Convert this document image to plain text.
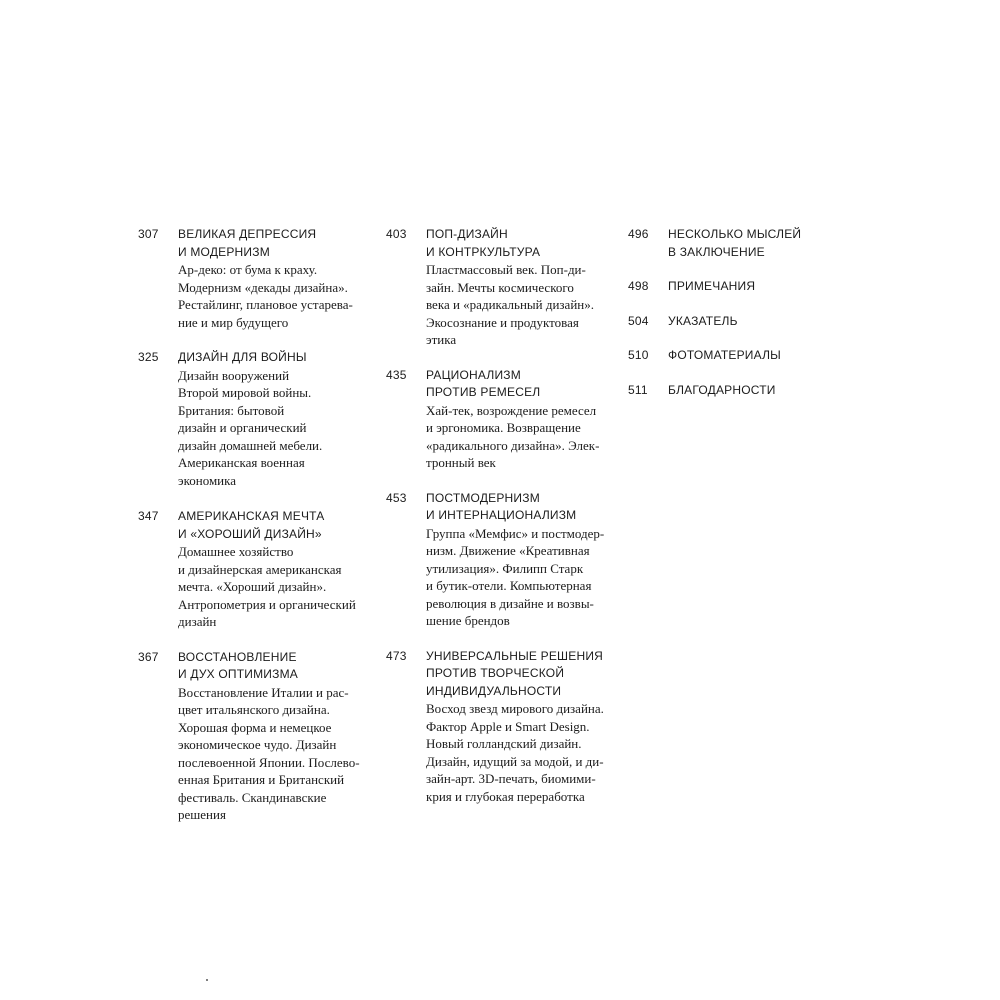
307 ВЕЛИКАЯ ДЕПРЕССИЯ
И МОДЕРНИЗМ
Ар-деко: от бума к краху.
Модернизм «декады дизайна».
Рестайлинг, плановое устарева-
ние и мир будущего
325 ДИЗАЙН ДЛЯ ВОЙНЫ
Дизайн вооружений
Второй мировой войны.
Британия: бытовой
дизайн и органический
дизайн домашней мебели.
Американская военная
экономика
347 АМЕРИКАНСКАЯ МЕЧТА
И «ХОРОШИЙ ДИЗАЙН»
Домашнее хозяйство
и дизайнерская американская
мечта. «Хороший дизайн».
Антропометрия и органический
дизайн
367 ВОССТАНОВЛЕНИЕ
И ДУХ ОПТИМИЗМА
Восстановление Италии и рас-
цвет итальянского дизайна.
Хорошая форма и немецкое
экономическое чудо. Дизайн
послевоенной Японии. Послево-
енная Британия и Британский
фестиваль. Скандинавские
решения
403 ПОП-ДИЗАЙН
И КОНТРКУЛЬТУРА
Пластмассовый век. Поп-ди-
зайн. Мечты космического
века и «радикальный дизайн».
Экосознание и продуктовая
этика
435 РАЦИОНАЛИЗМ
ПРОТИВ РЕМЕСЕЛ
Хай-тек, возрождение ремесел
и эргономика. Возвращение
«радикального дизайна». Элек-
тронный век
453 ПОСТМОДЕРНИЗМ
И ИНТЕРНАЦИОНАЛИЗМ
Группа «Мемфис» и постмодер-
низм. Движение «Креативная
утилизация». Филипп Старк
и бутик-отели. Компьютерная
революция в дизайне и возвы-
шение брендов
473 УНИВЕРСАЛЬНЫЕ РЕШЕНИЯ
ПРОТИВ ТВОРЧЕСКОЙ
ИНДИВИДУАЛЬНОСТИ
Восход звезд мирового дизайна.
Фактор Apple и Smart Design.
Новый голландский дизайн.
Дизайн, идущий за модой, и ди-
зайн-арт. 3D-печать, биомими-
крия и глубокая переработка
496 НЕСКОЛЬКО МЫСЛЕЙ
В ЗАКЛЮЧЕНИЕ
498 ПРИМЕЧАНИЯ
504 УКАЗАТЕЛЬ
510 ФОТОМАТЕРИАЛЫ
511 БЛАГОДАРНОСТИ
